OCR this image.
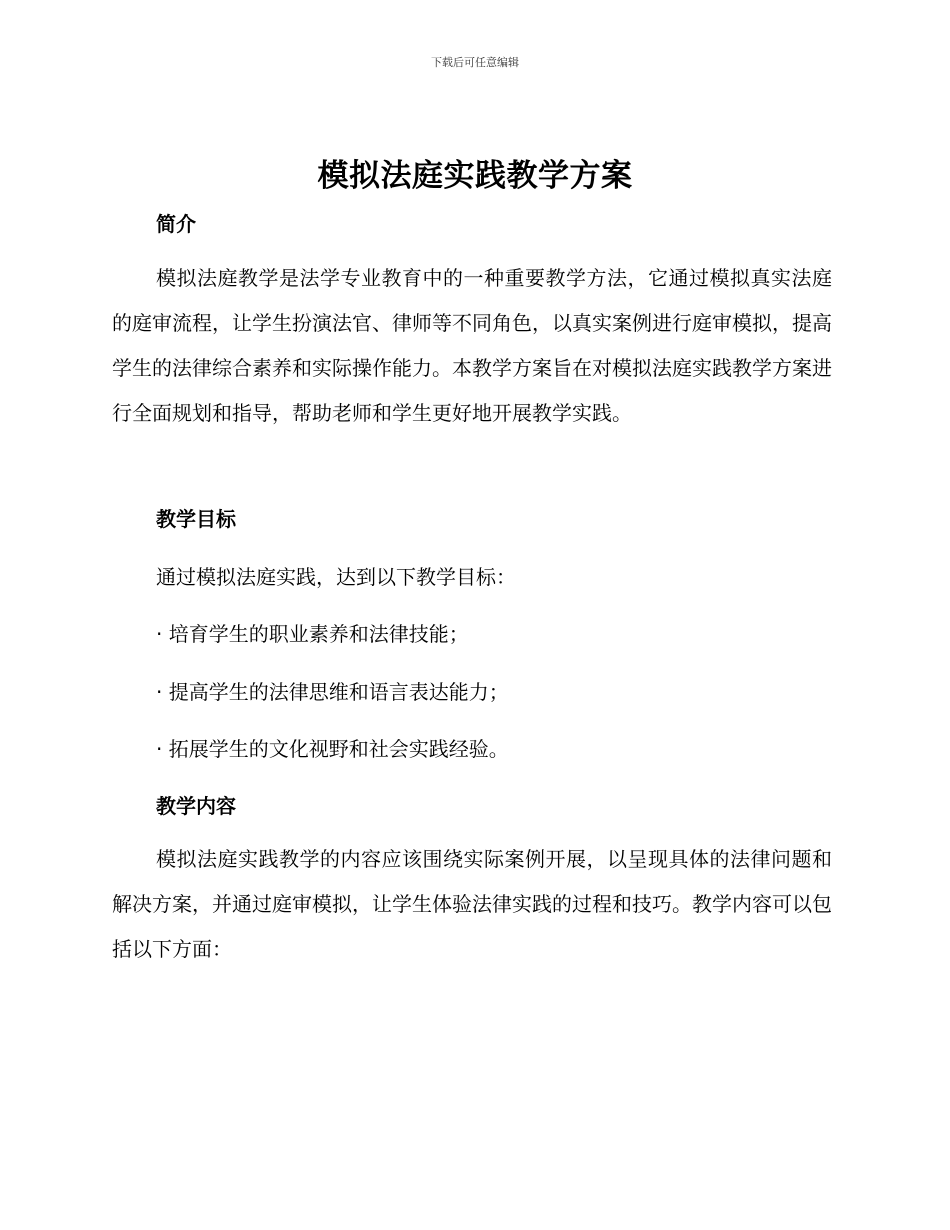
下载后可任意编辑
模拟法庭实践教学方案
简介
模拟法庭教学是法学专业教育中的一种重要教学方法，它通过模拟真实法庭的庭审流程，让学生扮演法官、律师等不同角色，以真实案例进行庭审模拟，提高学生的法律综合素养和实际操作能力。本教学方案旨在对模拟法庭实践教学方案进行全面规划和指导，帮助老师和学生更好地开展教学实践。
教学目标
通过模拟法庭实践，达到以下教学目标：
· 培育学生的职业素养和法律技能；
· 提高学生的法律思维和语言表达能力；
· 拓展学生的文化视野和社会实践经验。
教学内容
模拟法庭实践教学的内容应该围绕实际案例开展，以呈现具体的法律问题和解决方案，并通过庭审模拟，让学生体验法律实践的过程和技巧。教学内容可以包括以下方面：
